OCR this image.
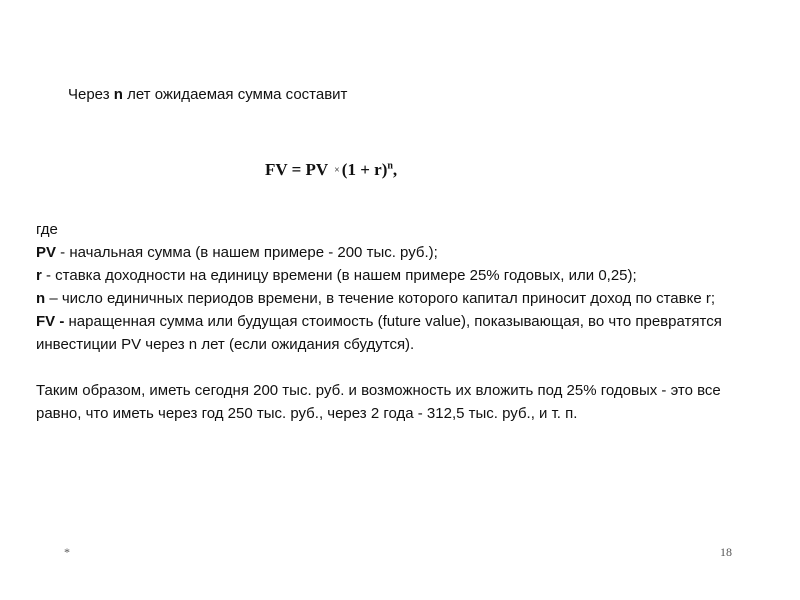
Через n лет ожидаемая сумма составит
FV = PV × $(1 + r)^n$,

где

PV - начальная сумма (в нашем примере - 200 тыс. руб.);

r - ставка доходности на единицу времени (в нашем примере 25% годовых, или 0,25);

n – число единичных периодов времени, в течение которого капитал приносит доход по ставке r;

FV - наращенная сумма или будущая стоимость (future value), показывающая, во что превратятся инвестиции PV через n лет (если ожидания сбудутся).

Таким образом, иметь сегодня 200 тыс. руб. и возможность их вложить под 25% годовых - это все равно, что иметь через год 250 тыс. руб., через 2 года - 312,5 тыс. руб., и т. п.

*	18
